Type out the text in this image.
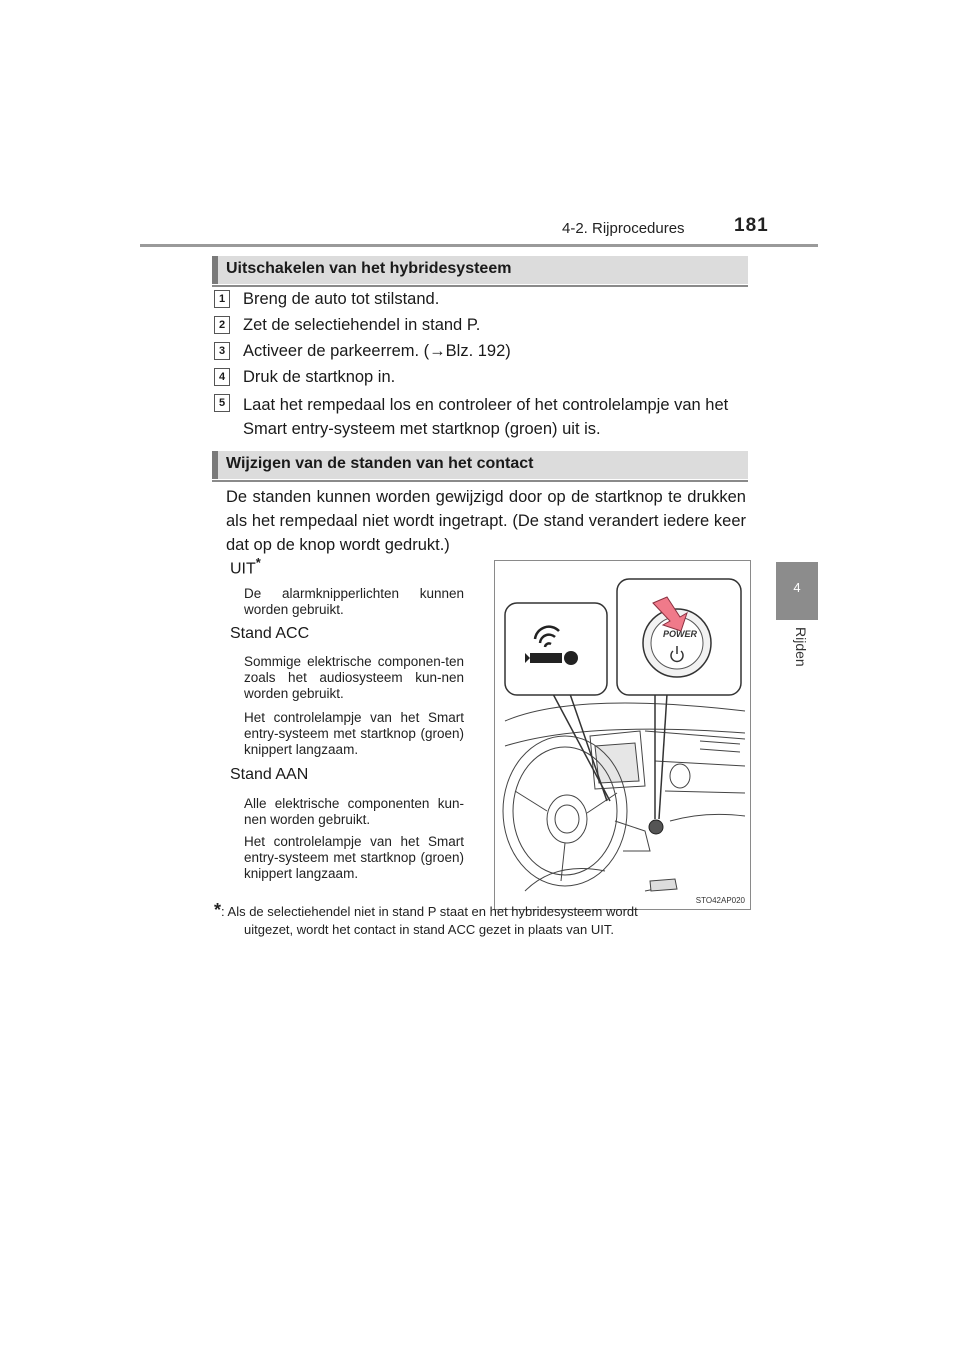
4-2. Rijprocedures	181
4
Rijden
Uitschakelen van het hybridesysteem
1 Breng de auto tot stilstand.
2 Zet de selectiehendel in stand P.
3 Activeer de parkeerrem. (→Blz. 192)
4 Druk de startknop in.
5 Laat het rempedaal los en controleer of het controlelampje van het
Smart entry-systeem met startknop (groen) uit is.
Wijzigen van de standen van het contact
De standen kunnen worden gewijzigd door op de startknop te drukken als het rempedaal niet wordt ingetrapt. (De stand verandert iedere keer dat op de knop wordt gedrukt.)
UIT*
De alarmknipperlichten kunnen worden gebruikt.
Stand ACC
Sommige elektrische componen-ten zoals het audiosysteem kun-nen worden gebruikt.
Het controlelampje van het Smart entry-systeem met startknop (groen) knippert langzaam.
Stand AAN
Alle elektrische componenten kun-nen worden gebruikt.
Het controlelampje van het Smart entry-systeem met startknop (groen) knippert langzaam.
POWER
STO42AP020
*: Als de selectiehendel niet in stand P staat en het hybridesysteem wordt
uitgezet, wordt het contact in stand ACC gezet in plaats van UIT.
